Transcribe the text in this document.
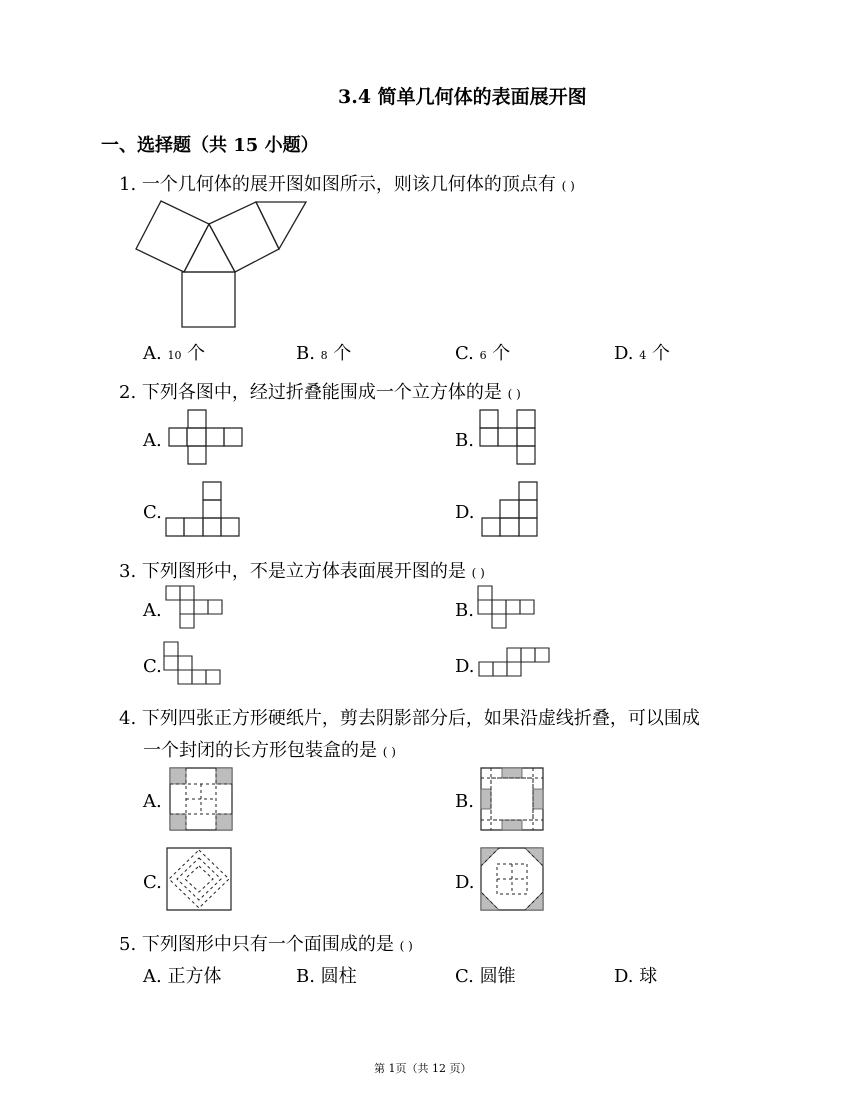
3.4 简单几何体的表面展开图
一、选择题（共 15 小题）
1. 一个几何体的展开图如图所示，则该几何体的顶点有 ( )
A. 10 个	B. 8 个	C. 6 个	D. 4 个
2. 下列各图中，经过折叠能围成一个立方体的是 ( )
A.	B.
C.	D.
3. 下列图形中，不是立方体表面展开图的是 ( )
A.	B.
C.	D.
4. 下列四张正方形硬纸片，剪去阴影部分后，如果沿虚线折叠，可以围成
一个封闭的长方形包装盒的是 ( )
A.	B.
C.	D.
5. 下列图形中只有一个面围成的是 ( )
A. 正方体	B. 圆柱	C. 圆锥	D. 球
第 1页（共 12 页）
